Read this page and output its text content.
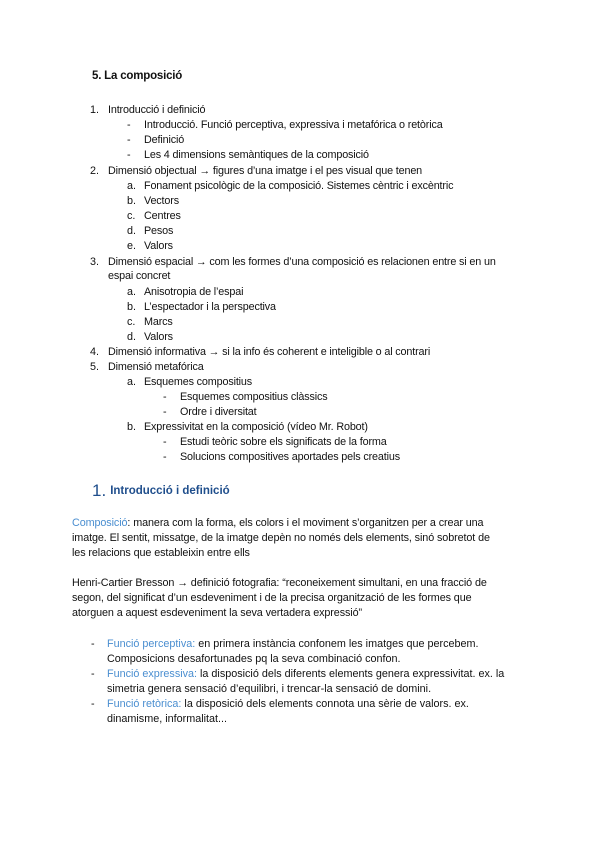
5. La composició
1. Introducció i definició
- Introducció. Funció perceptiva, expressiva i metafórica o retòrica
- Definició
- Les 4 dimensions semàntiques de la composició
2. Dimensió objectual → figures d’una imatge i el pes visual que tenen
a. Fonament psicològic de la composició. Sistemes cèntric i excèntric
b. Vectors
c. Centres
d. Pesos
e. Valors
3. Dimensió espacial → com les formes d’una composició es relacionen entre si en un
espai concret
a. Anisotropia de l’espai
b. L’espectador i la perspectiva
c. Marcs
d. Valors
4. Dimensió informativa → si la info és coherent e inteligible o al contrari
5. Dimensió metafórica
a. Esquemes compositius
- Esquemes compositius clàssics
- Ordre i diversitat
b. Expressivitat en la composició (vídeo Mr. Robot)
- Estudi teòric sobre els significats de la forma
- Solucions compositives aportades pels creatius
1. Introducció i definició
Composició: manera com la forma, els colors i el moviment s’organitzen per a crear una
imatge. El sentit, missatge, de la imatge depèn no només dels elements, sinó sobretot de
les relacions que estableixin entre ells
Henri-Cartier Bresson → definició fotografia: “reconeixement simultani, en una fracció de
segon, del significat d’un esdeveniment i de la precisa organització de les formes que
atorguen a aquest esdeveniment la seva vertadera expressió”
- Funció perceptiva: en primera instància confonem les imatges que percebem.
Composicions desafortunades pq la seva combinació confon.
- Funció expressiva: la disposició dels diferents elements genera expressivitat. ex. la
simetria genera sensació d’equilibri, i trencar-la sensació de domini.
- Funció retòrica: la disposició dels elements connota una sèrie de valors. ex.
dinamisme, informalitat...
